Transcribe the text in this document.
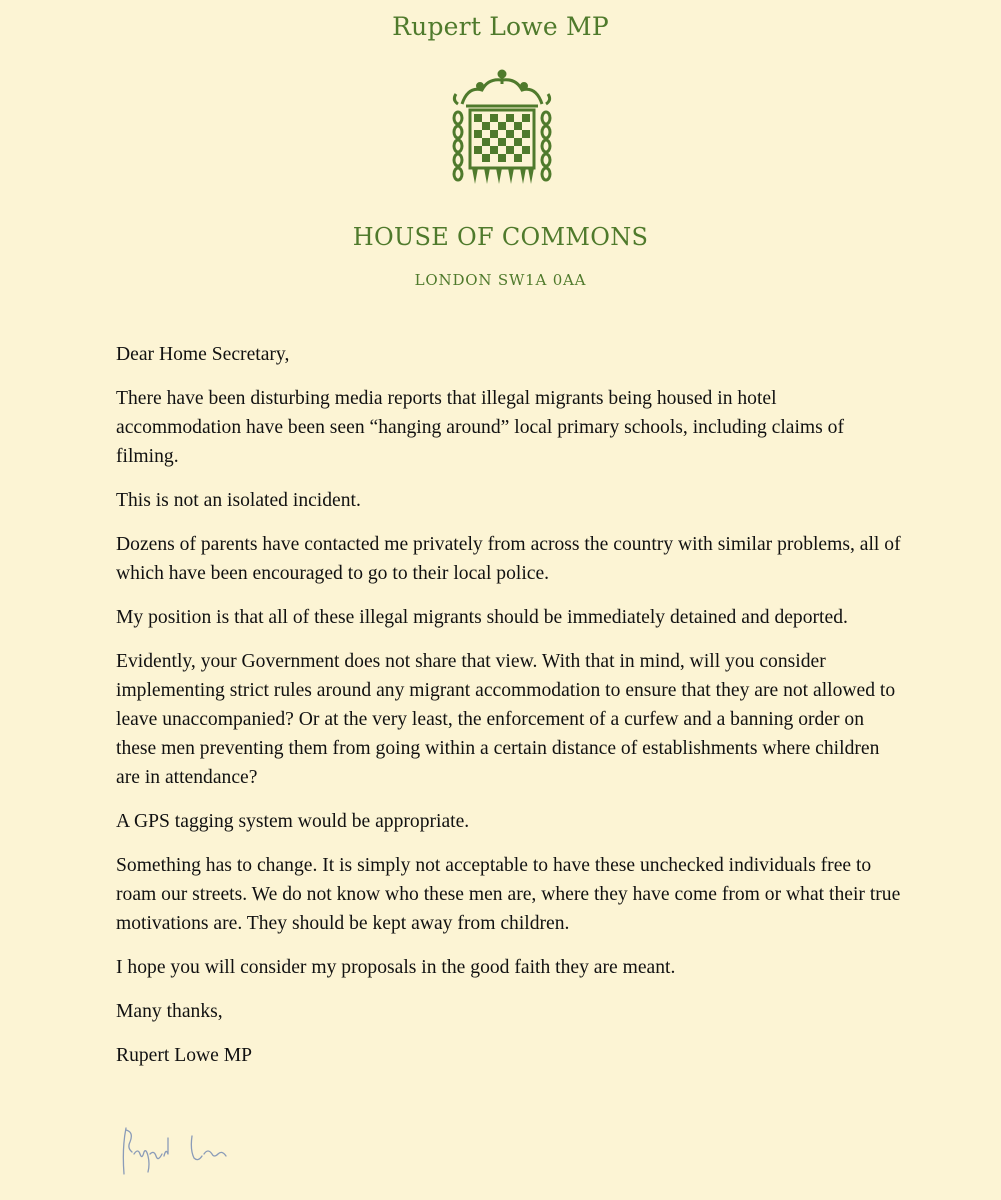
Rupert Lowe MP
HOUSE OF COMMONS
LONDON SW1A 0AA

Dear Home Secretary,

There have been disturbing media reports that illegal migrants being housed in hotel accommodation have been seen “hanging around” local primary schools, including claims of filming.

This is not an isolated incident.

Dozens of parents have contacted me privately from across the country with similar problems, all of which have been encouraged to go to their local police.

My position is that all of these illegal migrants should be immediately detained and deported.

Evidently, your Government does not share that view. With that in mind, will you consider implementing strict rules around any migrant accommodation to ensure that they are not allowed to leave unaccompanied? Or at the very least, the enforcement of a curfew and a banning order on these men preventing them from going within a certain distance of establishments where children are in attendance?

A GPS tagging system would be appropriate.

Something has to change. It is simply not acceptable to have these unchecked individuals free to roam our streets. We do not know who these men are, where they have come from or what their true motivations are. They should be kept away from children.

I hope you will consider my proposals in the good faith they are meant.

Many thanks,

Rupert Lowe MP
